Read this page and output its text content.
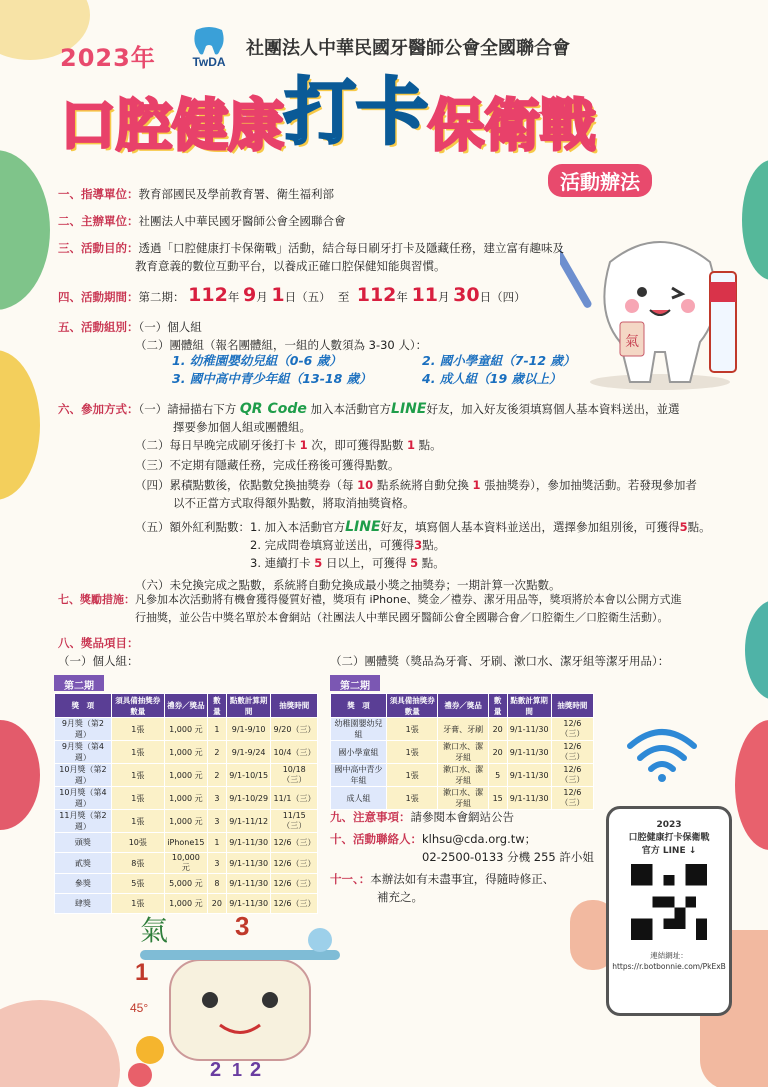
2023年	TwDA
社團法人中華民國牙醫師公會全國聯合會
口腔健康打卡保衛戰
活動辦法
氣
一、指導單位：教育部國民及學前教育署、衛生福利部
二、主辦單位：社團法人中華民國牙醫師公會全國聯合會
三、活動目的：透過「口腔健康打卡保衛戰」活動，結合每日刷牙打卡及隱藏任務，建立富有趣味及
教育意義的數位互動平台，以養成正確口腔保健知能與習慣。
四、活動期間：第二期： 112年 9月 1日（五） 至 112年 11月 30日（四）
五、活動組別：（一）個人組
（二）團體組（報名團體組，一組的人數須為 3-30 人）：
1. 幼稚園嬰幼兒組（0-6 歲）	2. 國小學童組（7-12 歲）
3. 國中高中青少年組（13-18 歲）	4. 成人組（19 歲以上）
六、參加方式：（一）請掃描右下方 QR Code 加入本活動官方LINE好友，加入好友後須填寫個人基本資料送出，並選
擇要參加個人組或團體組。
（二）每日早晚完成刷牙後打卡 1 次，即可獲得點數 1 點。
（三）不定期有隱藏任務，完成任務後可獲得點數。
（四）累積點數後，依點數兌換抽獎券（每 10 點系統將自動兌換 1 張抽獎券），參加抽獎活動。若發現參加者
以不正當方式取得額外點數，將取消抽獎資格。
（五）額外紅利點數：1. 加入本活動官方LINE好友，填寫個人基本資料並送出，選擇參加組別後，可獲得5點。
2. 完成問卷填寫並送出，可獲得3點。
3. 連續打卡 5 日以上，可獲得 5 點。
（六）未兌換完成之點數，系統將自動兌換成最小獎之抽獎券；一期計算一次點數。
七、獎勵措施：凡參加本次活動將有機會獲得優質好禮，獎項有 iPhone、獎金／禮券、潔牙用品等，獎項將於本會以公開方式進
行抽獎，並公告中獎名單於本會網站（社團法人中華民國牙醫師公會全國聯合會／口腔衛生／口腔衛生活動）。
八、獎品項目：
（一）個人組：	（二）團體獎（獎品為牙膏、牙刷、漱口水、潔牙組等潔牙用品）：
第二期
獎　項	須具備抽獎券數量	禮券／獎品	數量	點數計算期間	抽獎時間
9月獎（第2週）	1張	1,000 元	1	9/1-9/10	9/20（三）
9月獎（第4週）	1張	1,000 元	2	9/1-9/24	10/4（三）
10月獎（第2週）	1張	1,000 元	2	9/1-10/15	10/18（三）
10月獎（第4週）	1張	1,000 元	3	9/1-10/29	11/1（三）
11月獎（第2週）	1張	1,000 元	3	9/1-11/12	11/15（三）
頭獎	10張	iPhone15	1	9/1-11/30	12/6（三）
貳獎	8張	10,000 元	3	9/1-11/30	12/6（三）
參獎	5張	5,000 元	8	9/1-11/30	12/6（三）
肆獎	1張	1,000 元	20	9/1-11/30	12/6（三）
第二期
獎　項	須具備抽獎券數量	禮券／獎品	數量	點數計算期間	抽獎時間
幼稚園嬰幼兒組	1張	牙膏、牙刷	20	9/1-11/30	12/6（三）
國小學童組	1張	漱口水、潔牙組	20	9/1-11/30	12/6（三）
國中高中青少年組	1張	漱口水、潔牙組	5	9/1-11/30	12/6（三）
成人組	1張	漱口水、潔牙組	15	9/1-11/30	12/6（三）
九、注意事項：請參閱本會網站公告
十、活動聯絡人：klhsu@cda.org.tw；
02-2500-0133 分機 255 許小姐
十一、：本辦法如有未盡事宜，得隨時修正、
補充之。
2023
口腔健康打卡保衛戰
官方 LINE ↓
連結網址：
https://r.botbonnie.com/PkExB
氣	3
1
45°
2 1 2
